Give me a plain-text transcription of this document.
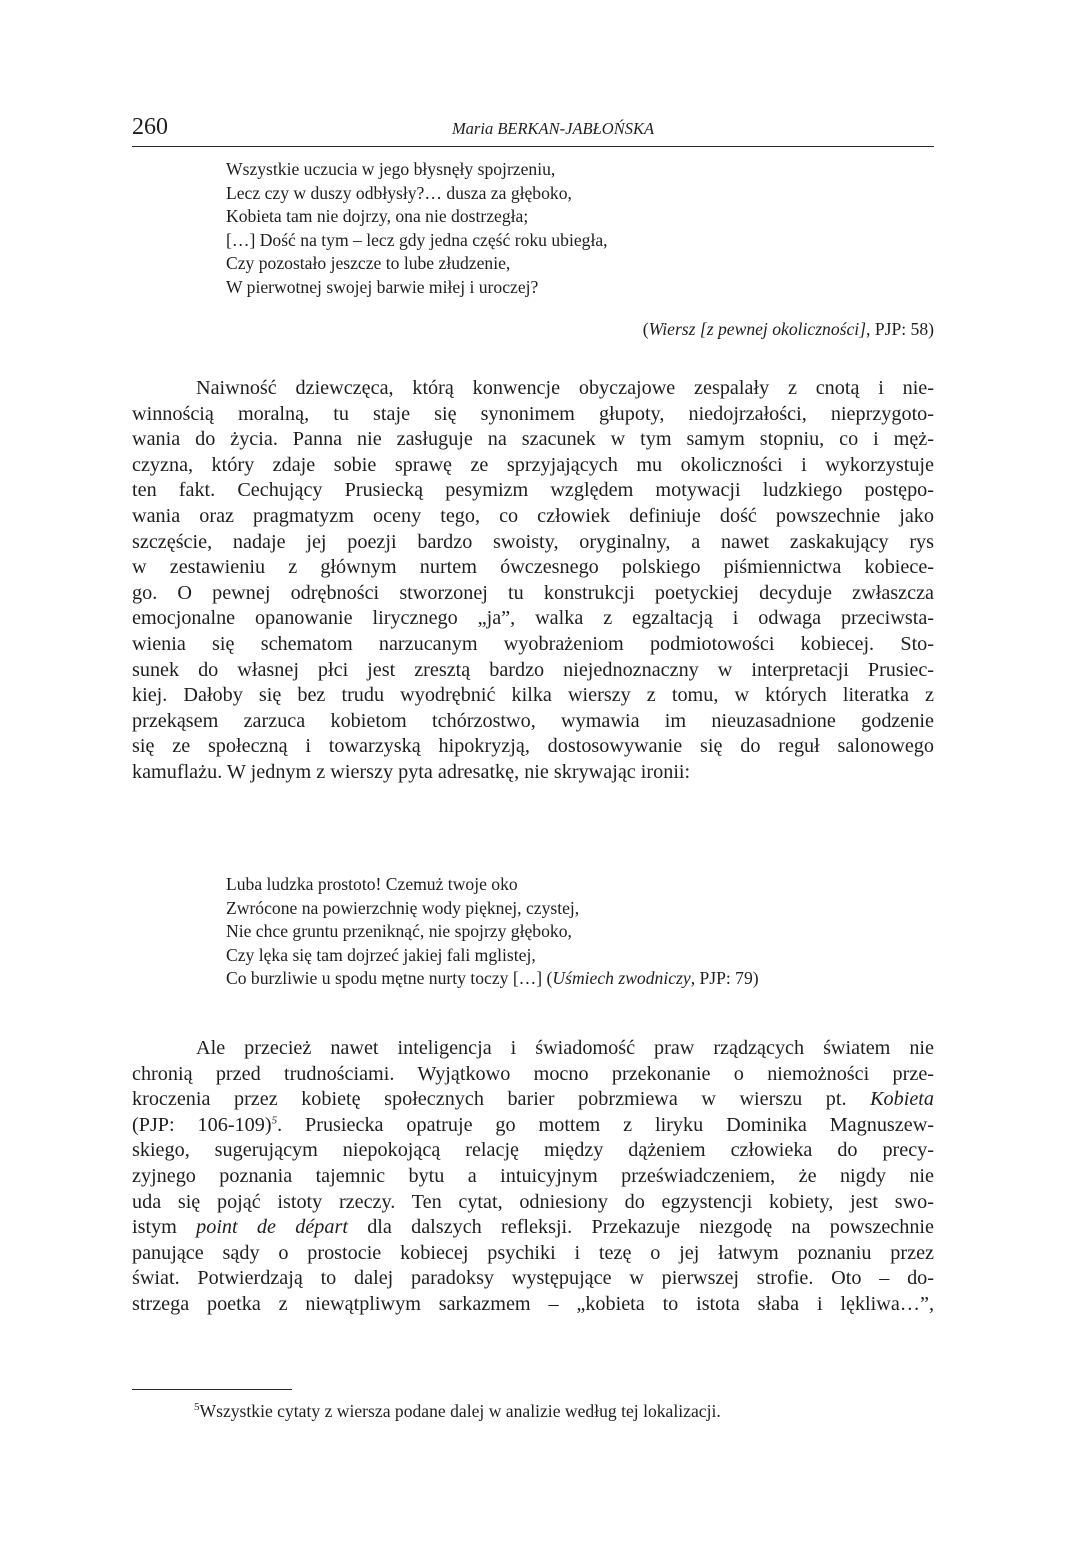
260	Maria BERKAN-JABŁOŃSKA
Wszystkie uczucia w jego błysnęły spojrzeniu,
Lecz czy w duszy odbłysły?… dusza za głęboko,
Kobieta tam nie dojrzy, ona nie dostrzegła;
[…] Dość na tym – lecz gdy jedna część roku ubiegła,
Czy pozostało jeszcze to lube złudzenie,
W pierwotnej swojej barwie miłej i uroczej?
(Wiersz [z pewnej okoliczności], PJP: 58)
Naiwność dziewczęca, którą konwencje obyczajowe zespalały z cnotą i nie-
winnością moralną, tu staje się synonimem głupoty, niedojrzałości, nieprzygoto-
wania do życia. Panna nie zasługuje na szacunek w tym samym stopniu, co i męż-
czyzna, który zdaje sobie sprawę ze sprzyjających mu okoliczności i wykorzystuje
ten fakt. Cechujący Prusiecką pesymizm względem motywacji ludzkiego postępo-
wania oraz pragmatyzm oceny tego, co człowiek definiuje dość powszechnie jako
szczęście, nadaje jej poezji bardzo swoisty, oryginalny, a nawet zaskakujący rys
w zestawieniu z głównym nurtem ówczesnego polskiego piśmiennictwa kobiece-
go. O pewnej odrębności stworzonej tu konstrukcji poetyckiej decyduje zwłaszcza
emocjonalne opanowanie lirycznego „ja”, walka z egzaltacją i odwaga przeciwsta-
wienia się schematom narzucanym wyobrażeniom podmiotowości kobiecej. Sto-
sunek do własnej płci jest zresztą bardzo niejednoznaczny w interpretacji Prusiec-
kiej. Dałoby się bez trudu wyodrębnić kilka wierszy z tomu, w których literatka z
przekąsem zarzuca kobietom tchórzostwo, wymawia im nieuzasadnione godzenie
się ze społeczną i towarzyską hipokryzją, dostosowywanie się do reguł salonowego
kamuflażu. W jednym z wierszy pyta adresatkę, nie skrywając ironii:
Luba ludzka prostoto! Czemuż twoje oko
Zwrócone na powierzchnię wody pięknej, czystej,
Nie chce gruntu przeniknąć, nie spojrzy głęboko,
Czy lęka się tam dojrzeć jakiej fali mglistej,
Co burzliwie u spodu mętne nurty toczy […] (Uśmiech zwodniczy, PJP: 79)
Ale przecież nawet inteligencja i świadomość praw rządzących światem nie
chronią przed trudnościami. Wyjątkowo mocno przekonanie o niemożności prze-
kroczenia przez kobietę społecznych barier pobrzmiewa w wierszu pt. Kobieta
(PJP: 106-109)$^5$. Prusiecka opatruje go mottem z liryku Dominika Magnuszew-
skiego, sugerującym niepokojącą relację między dążeniem człowieka do precy-
zyjnego poznania tajemnic bytu a intuicyjnym przeświadczeniem, że nigdy nie
uda się pojąć istoty rzeczy. Ten cytat, odniesiony do egzystencji kobiety, jest swo-
istym point de départ dla dalszych refleksji. Przekazuje niezgodę na powszechnie
panujące sądy o prostocie kobiecej psychiki i tezę o jej łatwym poznaniu przez
świat. Potwierdzają to dalej paradoksy występujące w pierwszej strofie. Oto – do-
strzega poetka z niewątpliwym sarkazmem – „kobieta to istota słaba i lękliwa…”,
$^5$Wszystkie cytaty z wiersza podane dalej w analizie według tej lokalizacji.
